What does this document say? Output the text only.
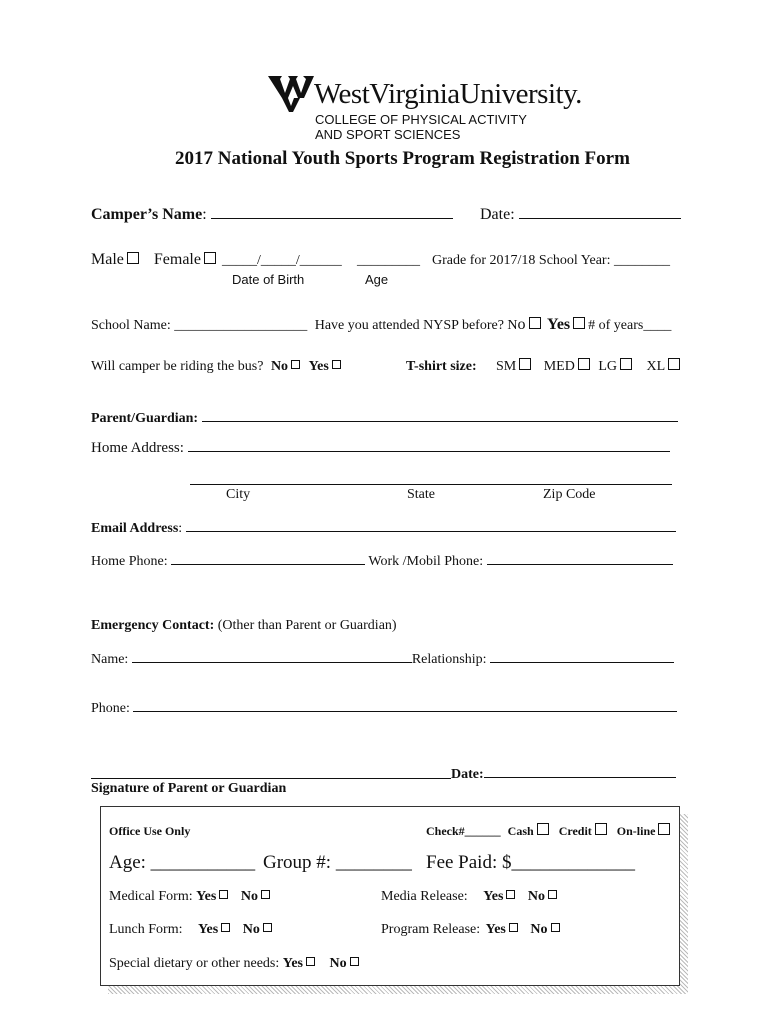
WestVirginiaUniversity.
COLLEGE OF PHYSICAL ACTIVITY
AND SPORT SCIENCES
2017 National Youth Sports Program Registration Form
Camper’s Name:	Date:
Male Female	_____/_____/______ _________ Grade for 2017/18 School Year: ________
Date of Birth	Age
School Name: ___________________ Have you attended NYSP before? No Yes # of years____
Will camper be riding the bus? No Yes	T-shirt size: SM MED LG XL
Parent/Guardian:
Home Address:
City	State	Zip Code
Email Address:
Home Phone:	Work /Mobil Phone:
Emergency Contact: (Other than Parent or Guardian)
Name:	Relationship:
Phone:
Date:
Signature of Parent or Guardian
Office Use Only	Check#______ Cash Credit On-line
Age: ___________ Group #: ________ Fee Paid: $_____________
Medical Form: Yes No	Media Release: Yes No
Lunch Form: Yes No	Program Release: Yes No
Special dietary or other needs: Yes No
